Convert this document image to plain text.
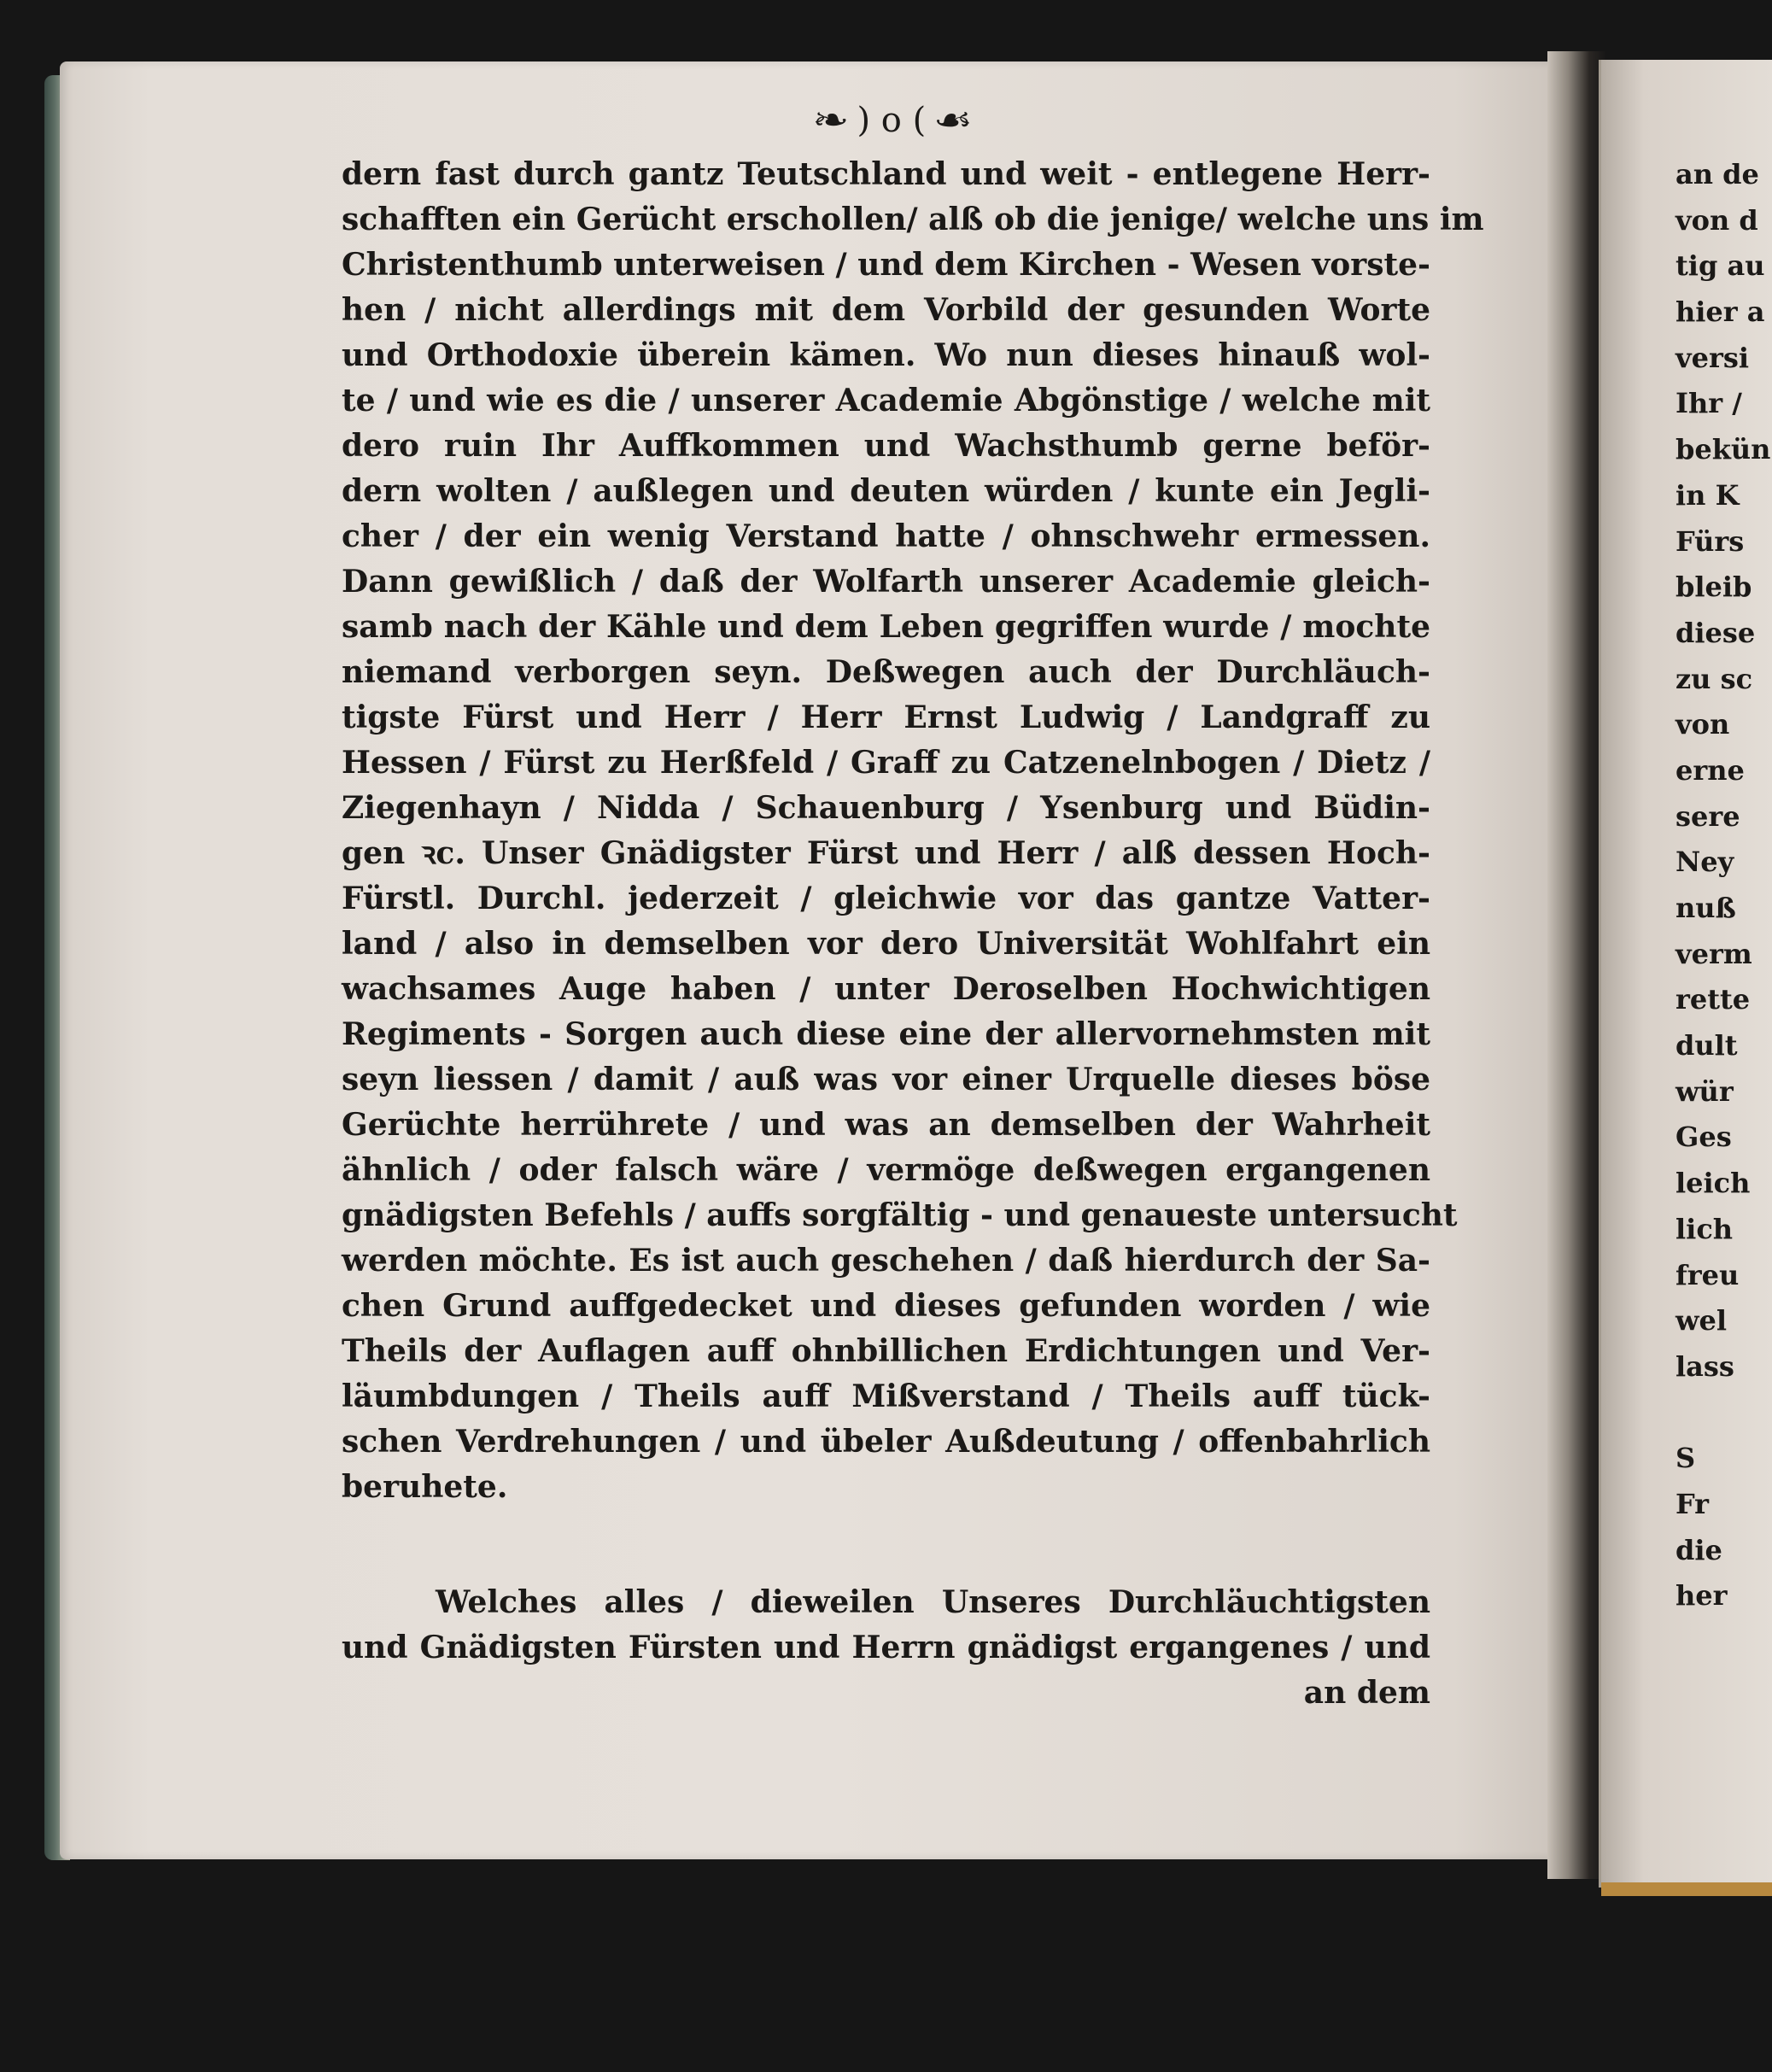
❧ ) o ( ☙
dern fast durch gantz Teutschland und weit - entlegene Herr-
schafften ein Gerücht erschollen/ alß ob die jenige/ welche uns im
Christenthumb unterweisen / und dem Kirchen - Wesen vorste-
hen / nicht allerdings mit dem Vorbild der gesunden Worte
und Orthodoxie überein kämen. Wo nun dieses hinauß wol-
te / und wie es die / unserer Academie Abgönstige / welche mit
dero ruin Ihr Auffkommen und Wachsthumb gerne beför-
dern wolten / außlegen und deuten würden / kunte ein Jegli-
cher / der ein wenig Verstand hatte / ohnschwehr ermessen.
Dann gewißlich / daß der Wolfarth unserer Academie gleich-
samb nach der Kähle und dem Leben gegriffen wurde / mochte
niemand verborgen seyn. Deßwegen auch der Durchläuch-
tigste Fürst und Herr / Herr Ernst Ludwig / Landgraff zu
Hessen / Fürst zu Herßfeld / Graff zu Catzenelnbogen / Dietz /
Ziegenhayn / Nidda / Schauenburg / Ysenburg und Büdin-
gen ꝛc. Unser Gnädigster Fürst und Herr / alß dessen Hoch-
Fürstl. Durchl. jederzeit / gleichwie vor das gantze Vatter-
land / also in demselben vor dero Universität Wohlfahrt ein
wachsames Auge haben / unter Deroselben Hochwichtigen
Regiments - Sorgen auch diese eine der allervornehmsten mit
seyn liessen / damit / auß was vor einer Urquelle dieses böse
Gerüchte herrührete / und was an demselben der Wahrheit
ähnlich / oder falsch wäre / vermöge deßwegen ergangenen
gnädigsten Befehls / auffs sorgfältig - und genaueste untersucht
werden möchte. Es ist auch geschehen / daß hierdurch der Sa-
chen Grund auffgedecket und dieses gefunden worden / wie
Theils der Auflagen auff ohnbillichen Erdichtungen und Ver-
läumbdungen / Theils auff Mißverstand / Theils auff tück-
schen Verdrehungen / und übeler Außdeutung / offenbahrlich
beruhete.
Welches alles / dieweilen Unseres Durchläuchtigsten
und Gnädigsten Fürsten und Herrn gnädigst ergangenes / und
an dem
an de
von d
tig au
hier a
versi
Ihr /
bekün
in K
Fürs
bleib
diese
zu sc
von
erne
sere
Ney
nuß
verm
rette
dult
wür
Ges
leich
lich
freu
wel
lass
S
Fr
die
her
